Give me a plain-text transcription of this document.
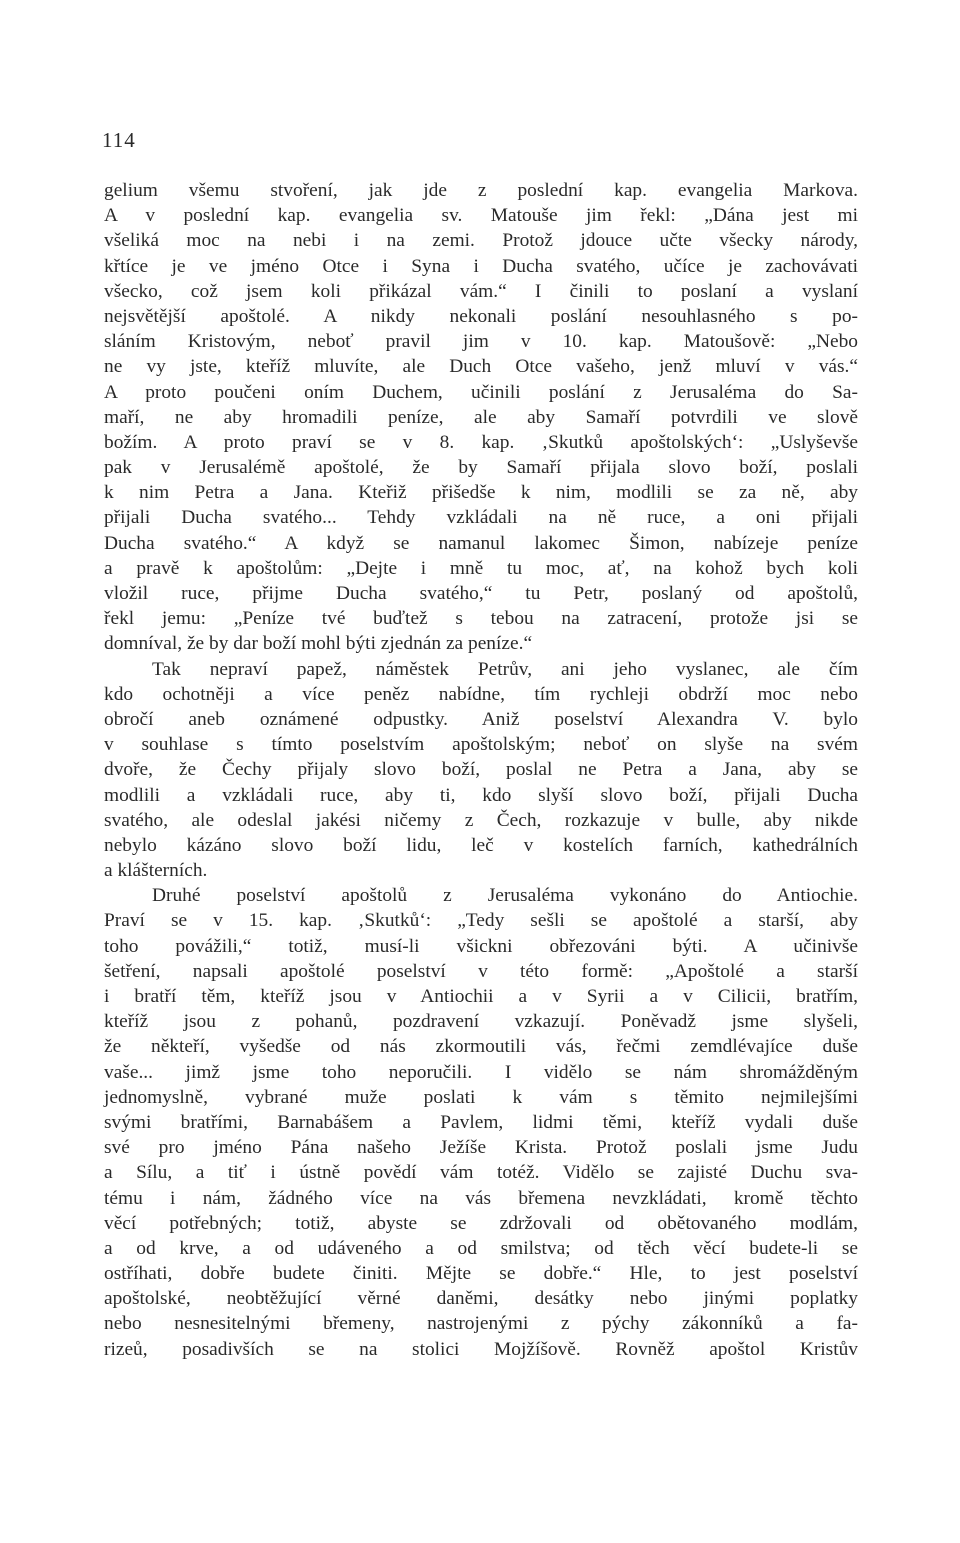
114
gelium všemu stvoření, jak jde z poslední kap. evangelia Markova.
A v poslední kap. evangelia sv. Matouše jim řekl: „Dána jest mi
všeliká moc na nebi i na zemi. Protož jdouce učte všecky národy,
křtíce je ve jméno Otce i Syna i Ducha svatého, učíce je zachovávati
všecko, což jsem koli přikázal vám.“ I činili to poslaní a vyslaní
nejsvětější apoštolé. A nikdy nekonali poslání nesouhlasného s po-
sláním Kristovým, neboť pravil jim v 10. kap. Matoušově: „Nebo
ne vy jste, kteříž mluvíte, ale Duch Otce vašeho, jenž mluví v vás.“
A proto poučeni oním Duchem, učinili poslání z Jerusaléma do Sa-
maří, ne aby hromadili peníze, ale aby Samaří potvrdili ve slově
božím. A proto praví se v 8. kap. ‚Skutků apoštolských‘: „Uslyševše
pak v Jerusalémě apoštolé, že by Samaří přijala slovo boží, poslali
k nim Petra a Jana. Kteřiž přišedše k nim, modlili se za ně, aby
přijali Ducha svatého... Tehdy vzkládali na ně ruce, a oni přijali
Ducha svatého.“ A když se namanul lakomec Šimon, nabízeje peníze
a pravě k apoštolům: „Dejte i mně tu moc, ať, na kohož bych koli
vložil ruce, přijme Ducha svatého,“ tu Petr, poslaný od apoštolů,
řekl jemu: „Peníze tvé buďtež s tebou na zatracení, protože jsi se
domníval, že by dar boží mohl býti zjednán za peníze.“
Tak nepraví papež, náměstek Petrův, ani jeho vyslanec, ale čím
kdo ochotněji a více peněz nabídne, tím rychleji obdrží moc nebo
obročí aneb oznámené odpustky. Aniž poselství Alexandra V. bylo
v souhlase s tímto poselstvím apoštolským; neboť on slyše na svém
dvoře, že Čechy přijaly slovo boží, poslal ne Petra a Jana, aby se
modlili a vzkládali ruce, aby ti, kdo slyší slovo boží, přijali Ducha
svatého, ale odeslal jakési ničemy z Čech, rozkazuje v bulle, aby nikde
nebylo kázáno slovo boží lidu, leč v kostelích farních, kathedrálních
a klášterních.
Druhé poselství apoštolů z Jerusaléma vykonáno do Antiochie.
Praví se v 15. kap. ‚Skutků‘: „Tedy sešli se apoštolé a starší, aby
toho povážili,“ totiž, musí-li všickni obřezováni býti. A učinivše
šetření, napsali apoštolé poselství v této formě: „Apoštolé a starší
i bratří těm, kteříž jsou v Antiochii a v Syrii a v Cilicii, bratřím,
kteříž jsou z pohanů, pozdravení vzkazují. Poněvadž jsme slyšeli,
že někteří, vyšedše od nás zkormoutili vás, řečmi zemdlévajíce duše
vaše... jimž jsme toho neporučili. I vidělo se nám shromážděným
jednomyslně, vybrané muže poslati k vám s těmito nejmilejšími
svými bratřími, Barnabášem a Pavlem, lidmi těmi, kteříž vydali duše
své pro jméno Pána našeho Ježíše Krista. Protož poslali jsme Judu
a Sílu, a tiť i ústně povědí vám totéž. Vidělo se zajisté Duchu sva-
tému i nám, žádného více na vás břemena nevzkládati, kromě těchto
věcí potřebných; totiž, abyste se zdržovali od obětovaného modlám,
a od krve, a od udáveného a od smilstva; od těch věcí budete-li se
ostříhati, dobře budete činiti. Mějte se dobře.“ Hle, to jest poselství
apoštolské, neobtěžující věrné daněmi, desátky nebo jinými poplatky
nebo nesnesitelnými břemeny, nastrojenými z pýchy zákonníků a fa-
rizeů, posadivších se na stolici Mojžíšově. Rovněž apoštol Kristův
